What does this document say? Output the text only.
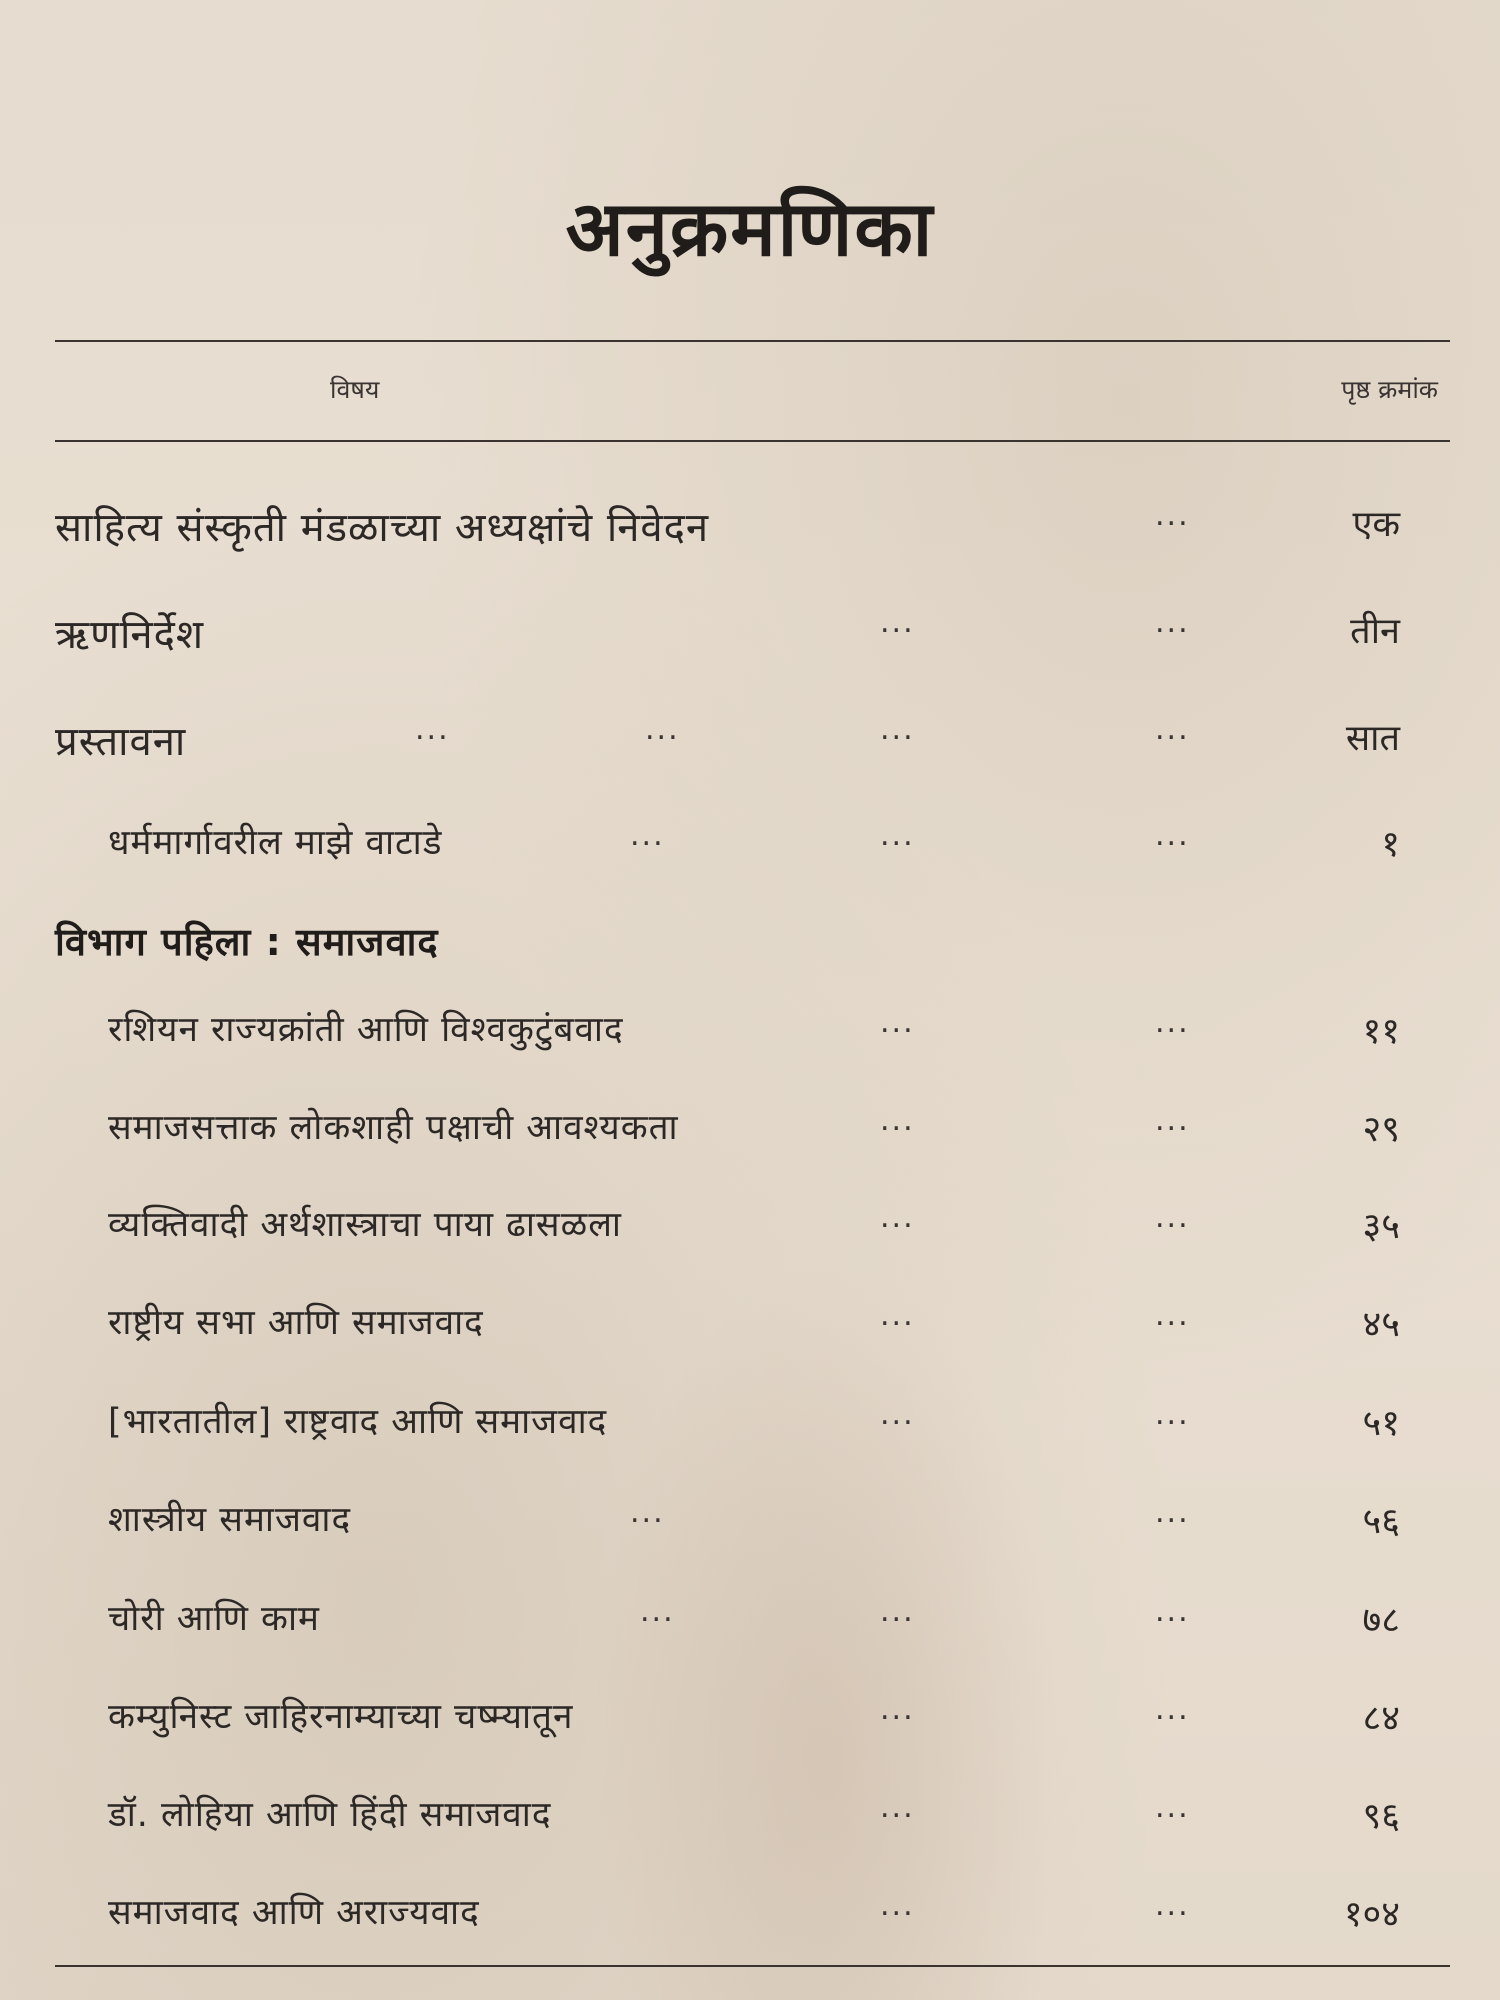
अनुक्रमणिका
विषय	पृष्ठ क्रमांक
साहित्य संस्कृती मंडळाच्या अध्यक्षांचे निवेदन	...	एक
ऋणनिर्देश	...	...	तीन
प्रस्तावना	...	...	...	...	सात
धर्ममार्गावरील माझे वाटाडे	...	...	...	१
विभाग पहिला : समाजवाद
रशियन राज्यक्रांती आणि विश्वकुटुंबवाद	...	...	११
समाजसत्ताक लोकशाही पक्षाची आवश्यकता	...	...	२९
व्यक्तिवादी अर्थशास्त्राचा पाया ढासळला	...	...	३५
राष्ट्रीय सभा आणि समाजवाद	...	...	४५
[भारतातील] राष्ट्रवाद आणि समाजवाद	...	...	५१
शास्त्रीय समाजवाद	...	...	५६
चोरी आणि काम	...	...	...	७८
कम्युनिस्ट जाहिरनाम्याच्या चष्म्यातून	...	...	८४
डॉ. लोहिया आणि हिंदी समाजवाद	...	...	९६
समाजवाद आणि अराज्यवाद	...	...	१०४
